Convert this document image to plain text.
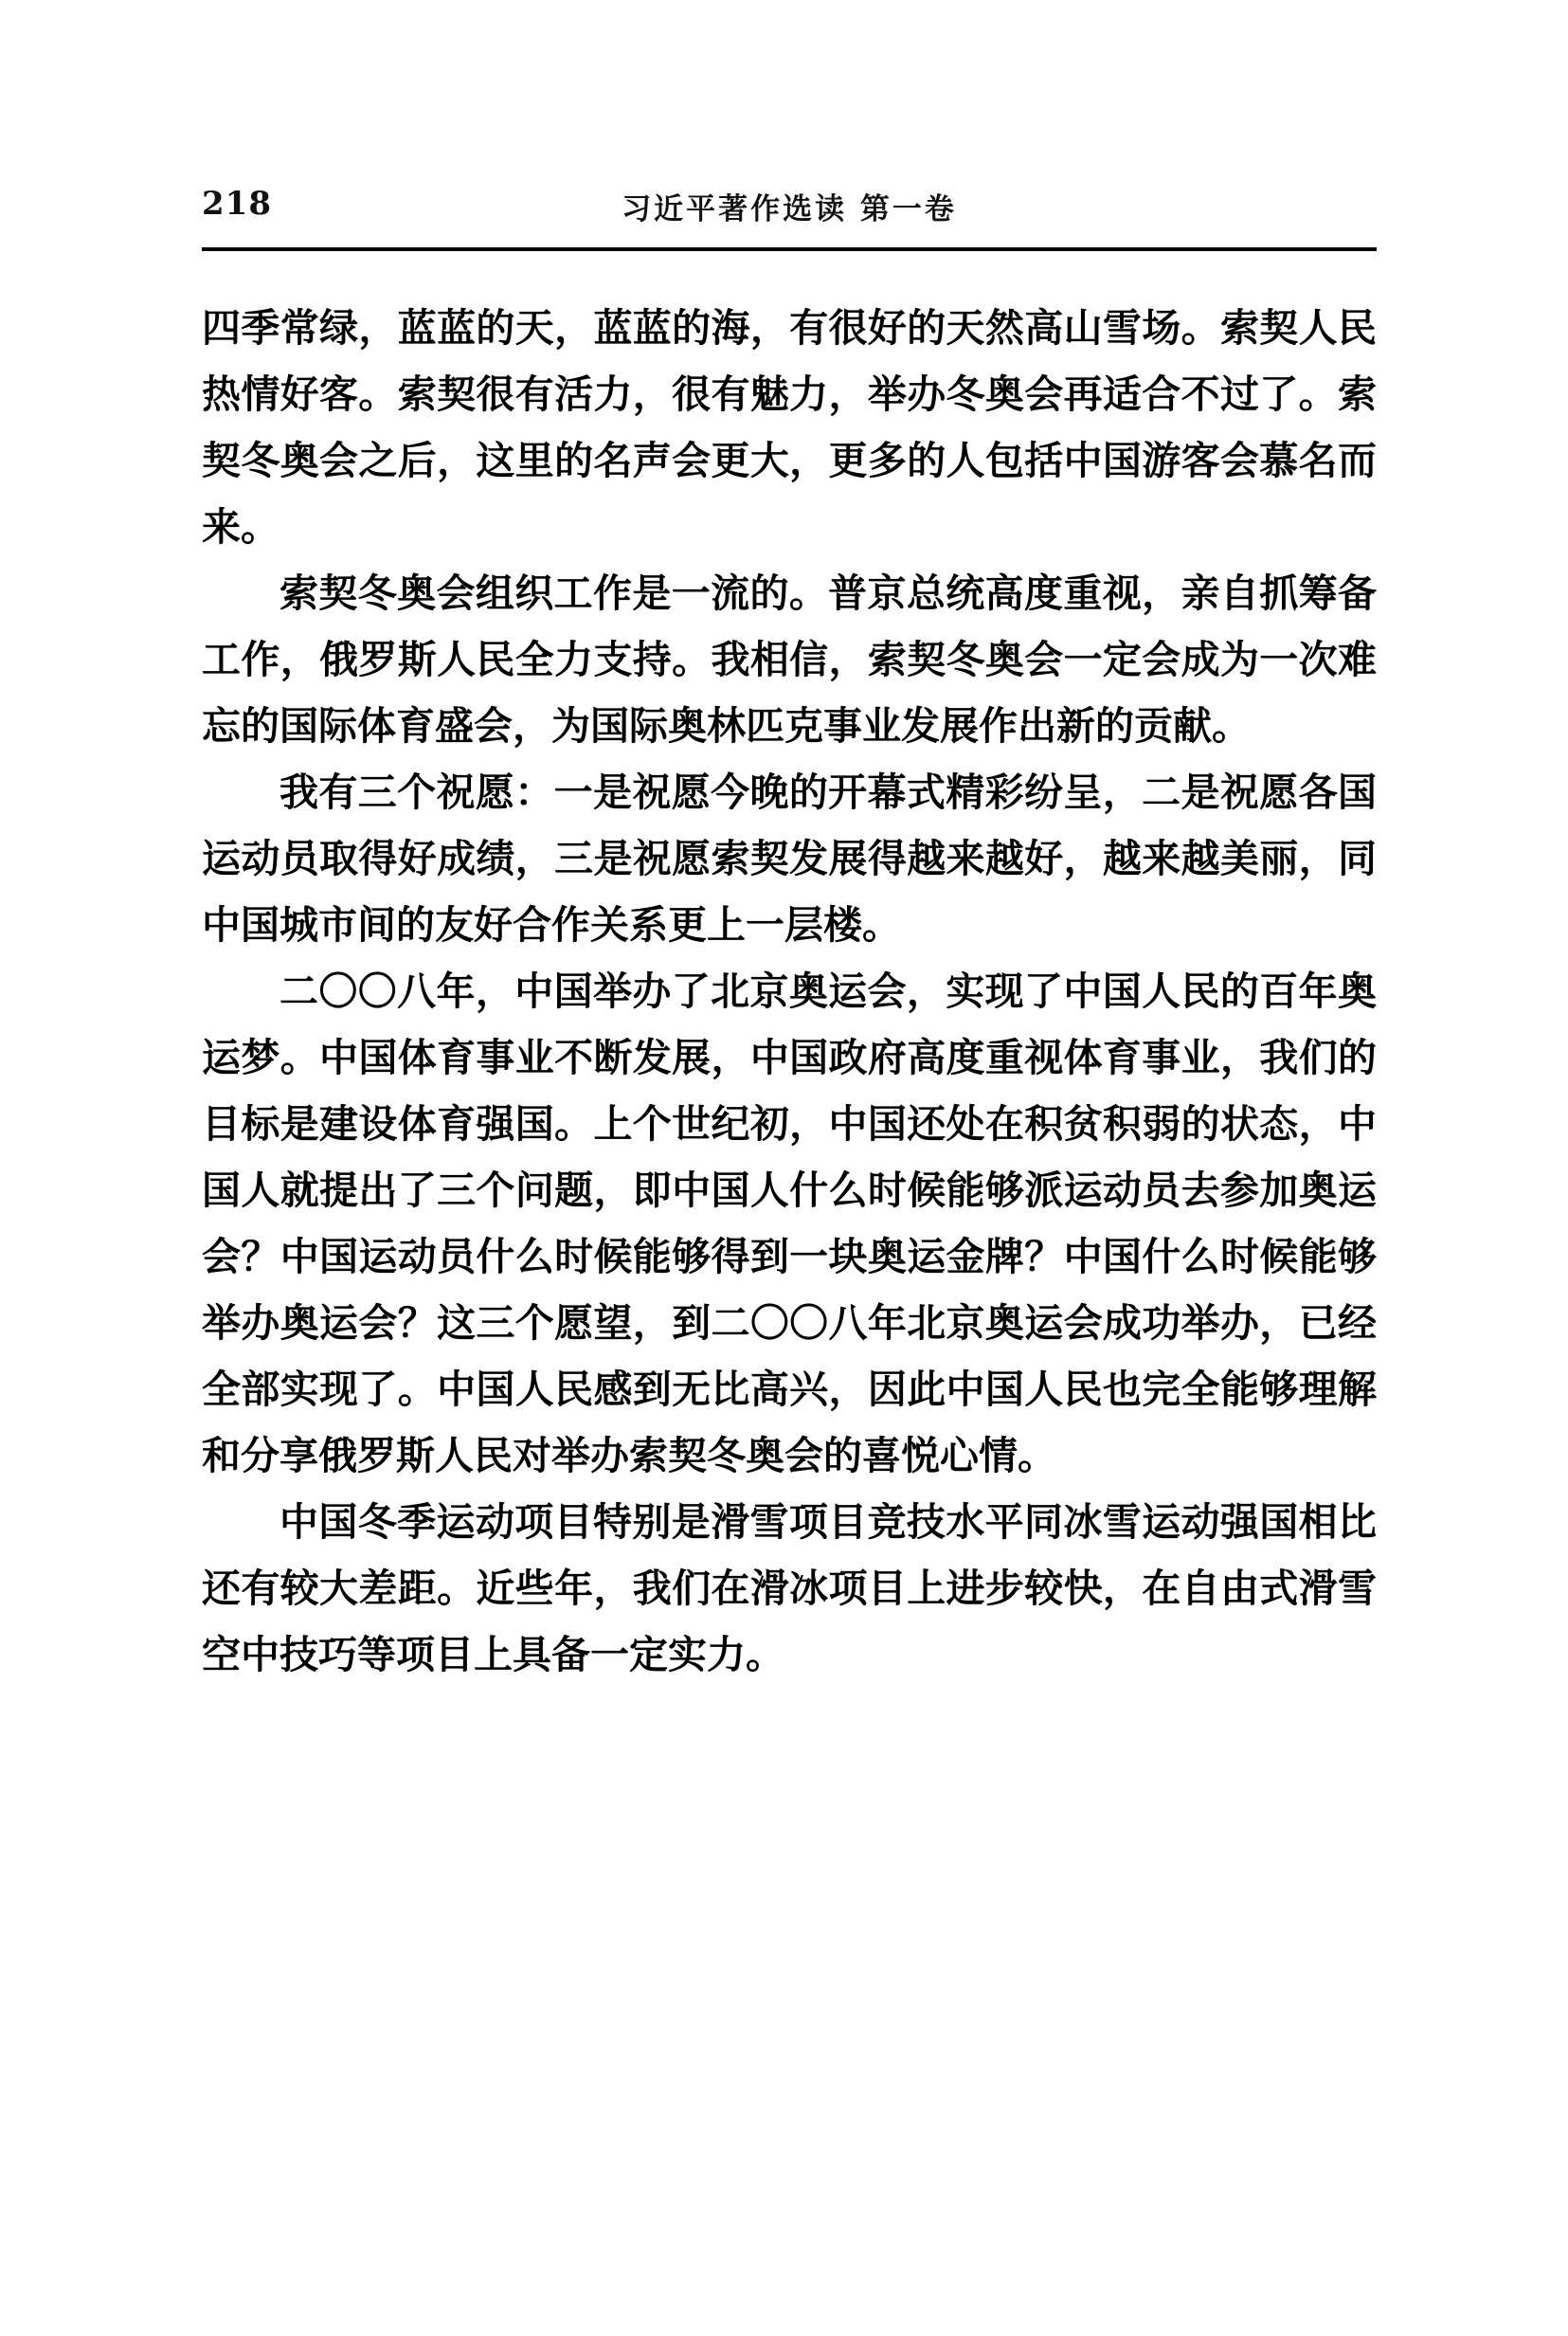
218	习近平著作选读 第一卷

四季常绿，蓝蓝的天，蓝蓝的海，有很好的天然高山雪场。索契人民热情好客。索契很有活力，很有魅力，举办冬奥会再适合不过了。索契冬奥会之后，这里的名声会更大，更多的人包括中国游客会慕名而来。

索契冬奥会组织工作是一流的。普京总统高度重视，亲自抓筹备工作，俄罗斯人民全力支持。我相信，索契冬奥会一定会成为一次难忘的国际体育盛会，为国际奥林匹克事业发展作出新的贡献。

我有三个祝愿：一是祝愿今晚的开幕式精彩纷呈，二是祝愿各国运动员取得好成绩，三是祝愿索契发展得越来越好，越来越美丽，同中国城市间的友好合作关系更上一层楼。

二〇〇八年，中国举办了北京奥运会，实现了中国人民的百年奥运梦。中国体育事业不断发展，中国政府高度重视体育事业，我们的目标是建设体育强国。上个世纪初，中国还处在积贫积弱的状态，中国人就提出了三个问题，即中国人什么时候能够派运动员去参加奥运会？中国运动员什么时候能够得到一块奥运金牌？中国什么时候能够举办奥运会？这三个愿望，到二〇〇八年北京奥运会成功举办，已经全部实现了。中国人民感到无比高兴，因此中国人民也完全能够理解和分享俄罗斯人民对举办索契冬奥会的喜悦心情。

中国冬季运动项目特别是滑雪项目竞技水平同冰雪运动强国相比还有较大差距。近些年，我们在滑冰项目上进步较快，在自由式滑雪空中技巧等项目上具备一定实力。
